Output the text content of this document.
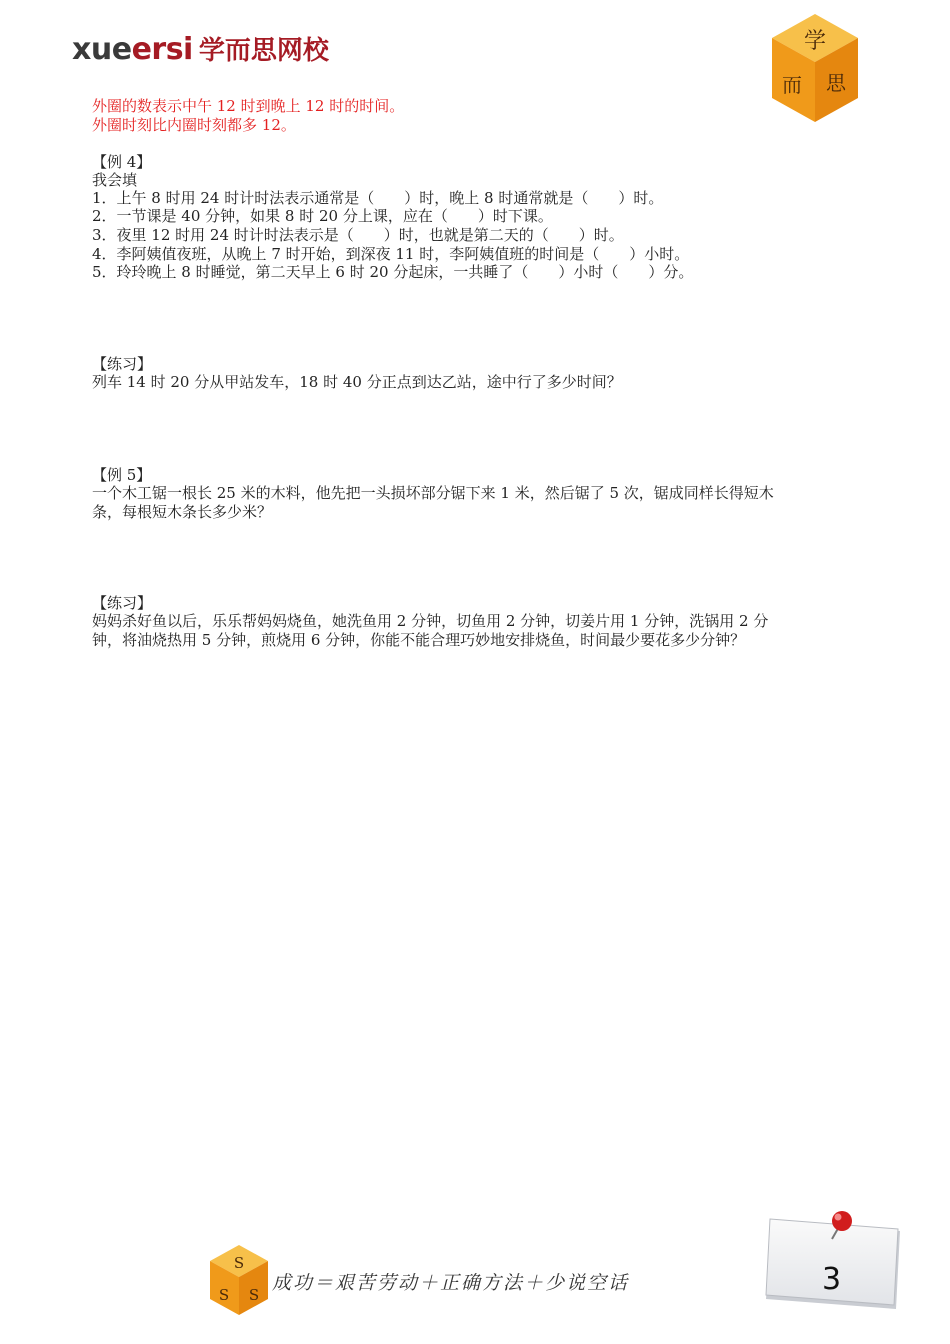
xueersi 学而思网校	学
而 思
外圈的数表示中午 12 时到晚上 12 时的时间。
外圈时刻比内圈时刻都多 12。
【例 4】
我会填
1．上午 8 时用 24 时计时法表示通常是（　　）时，晚上 8 时通常就是（　　）时。
2．一节课是 40 分钟，如果 8 时 20 分上课，应在（　　）时下课。
3．夜里 12 时用 24 时计时法表示是（　　）时，也就是第二天的（　　）时。
4．李阿姨值夜班，从晚上 7 时开始，到深夜 11 时，李阿姨值班的时间是（　　）小时。
5．玲玲晚上 8 时睡觉，第二天早上 6 时 20 分起床，一共睡了（　　）小时（　　）分。
【练习】
列车 14 时 20 分从甲站发车，18 时 40 分正点到达乙站，途中行了多少时间？
【例 5】
一个木工锯一根长 25 米的木料，他先把一头损坏部分锯下来 1 米，然后锯了 5 次，锯成同样长得短木条，每根短木条长多少米？
【练习】
妈妈杀好鱼以后，乐乐帮妈妈烧鱼，她洗鱼用 2 分钟，切鱼用 2 分钟，切姜片用 1 分钟，洗锅用 2 分钟，将油烧热用 5 分钟，煎烧用 6 分钟，你能不能合理巧妙地安排烧鱼，时间最少要花多少分钟？
S
S S
成功＝艰苦劳动＋正确方法＋少说空话	3
